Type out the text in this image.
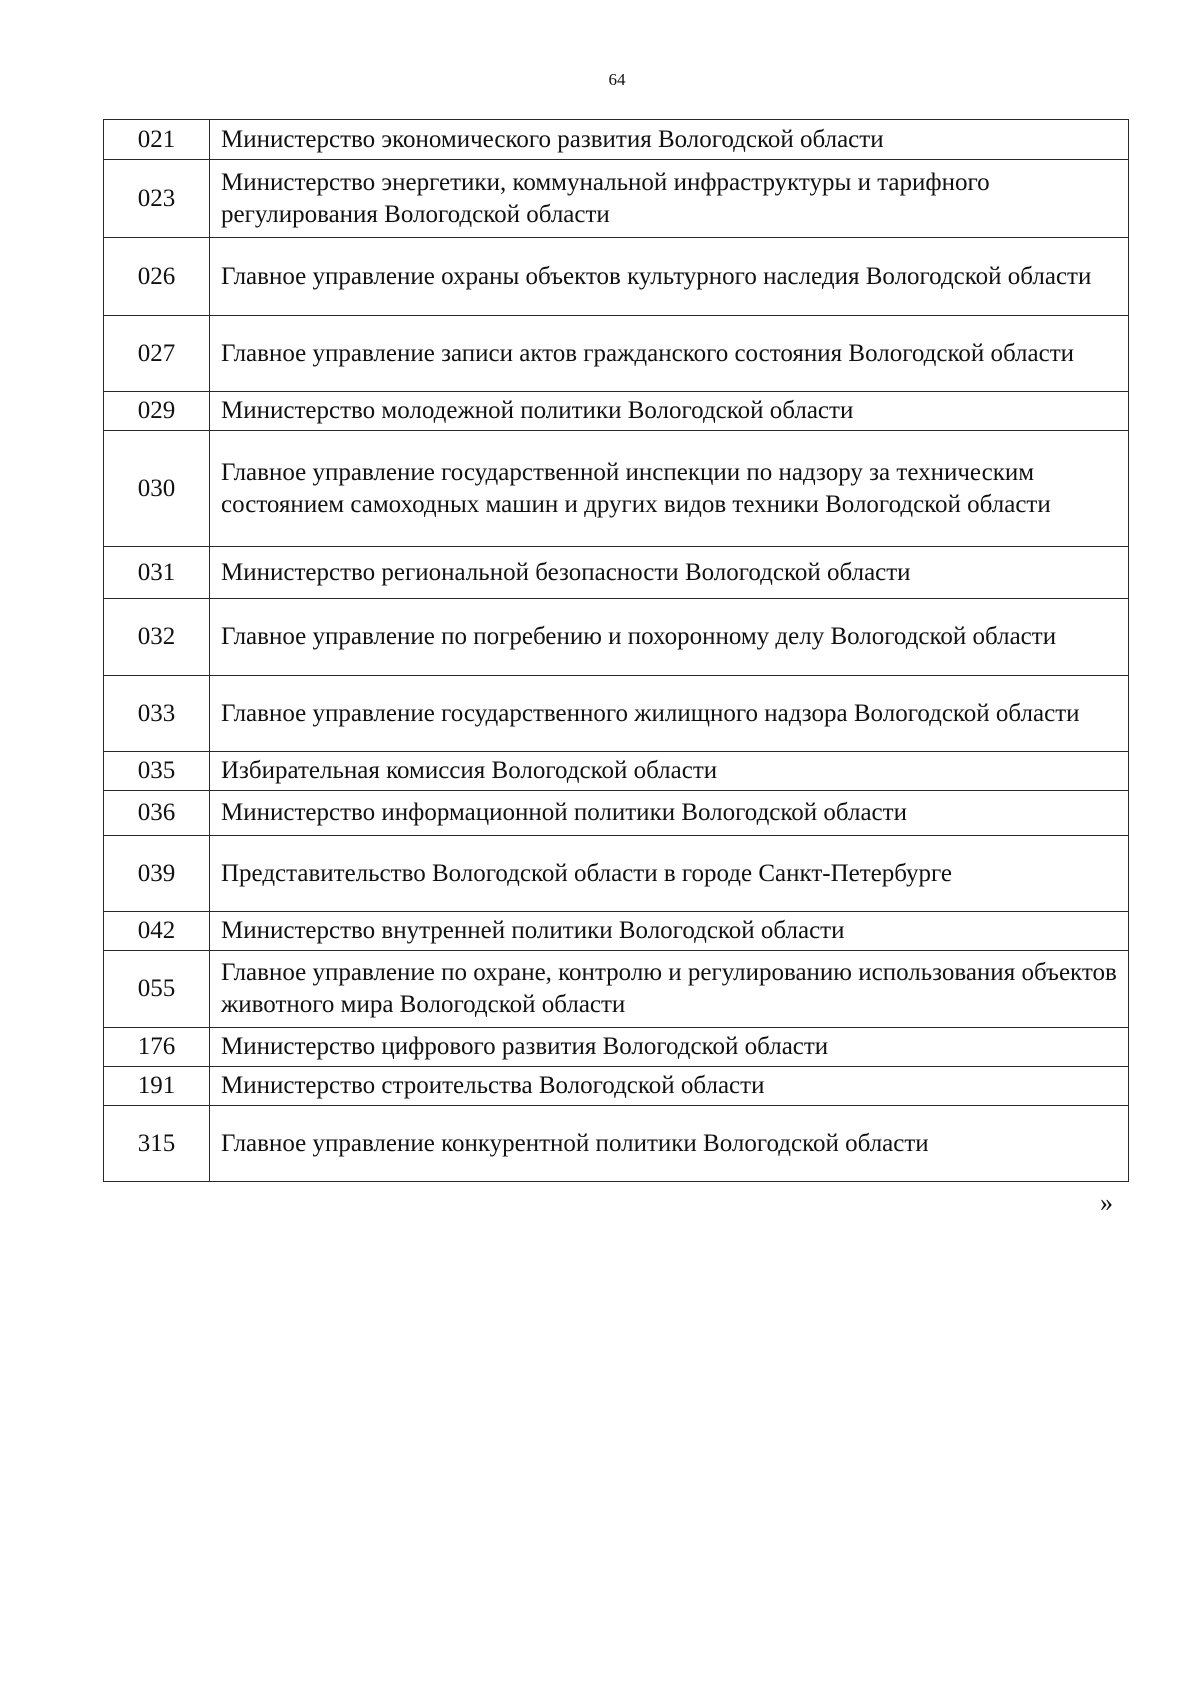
64
021	Министерство экономического развития Вологодской области
023	Министерство энергетики, коммунальной инфраструктуры и тарифного регулирования Вологодской области
026	Главное управление охраны объектов культурного наследия Вологодской области
027	Главное управление записи актов гражданского состояния Вологодской области
029	Министерство молодежной политики Вологодской области
030	Главное управление государственной инспекции по надзору за техническим состоянием самоходных машин и других видов техники Вологодской области
031	Министерство региональной безопасности Вологодской области
032	Главное управление по погребению и похоронному делу Вологодской области
033	Главное управление государственного жилищного надзора Вологодской области
035	Избирательная комиссия Вологодской области
036	Министерство информационной политики Вологодской области
039	Представительство Вологодской области в городе Санкт-Петербурге
042	Министерство внутренней политики Вологодской области
055	Главное управление по охране, контролю и регулированию использования объектов животного мира Вологодской области
176	Министерство цифрового развития Вологодской области
191	Министерство строительства Вологодской области
315	Главное управление конкурентной политики Вологодской области
»
